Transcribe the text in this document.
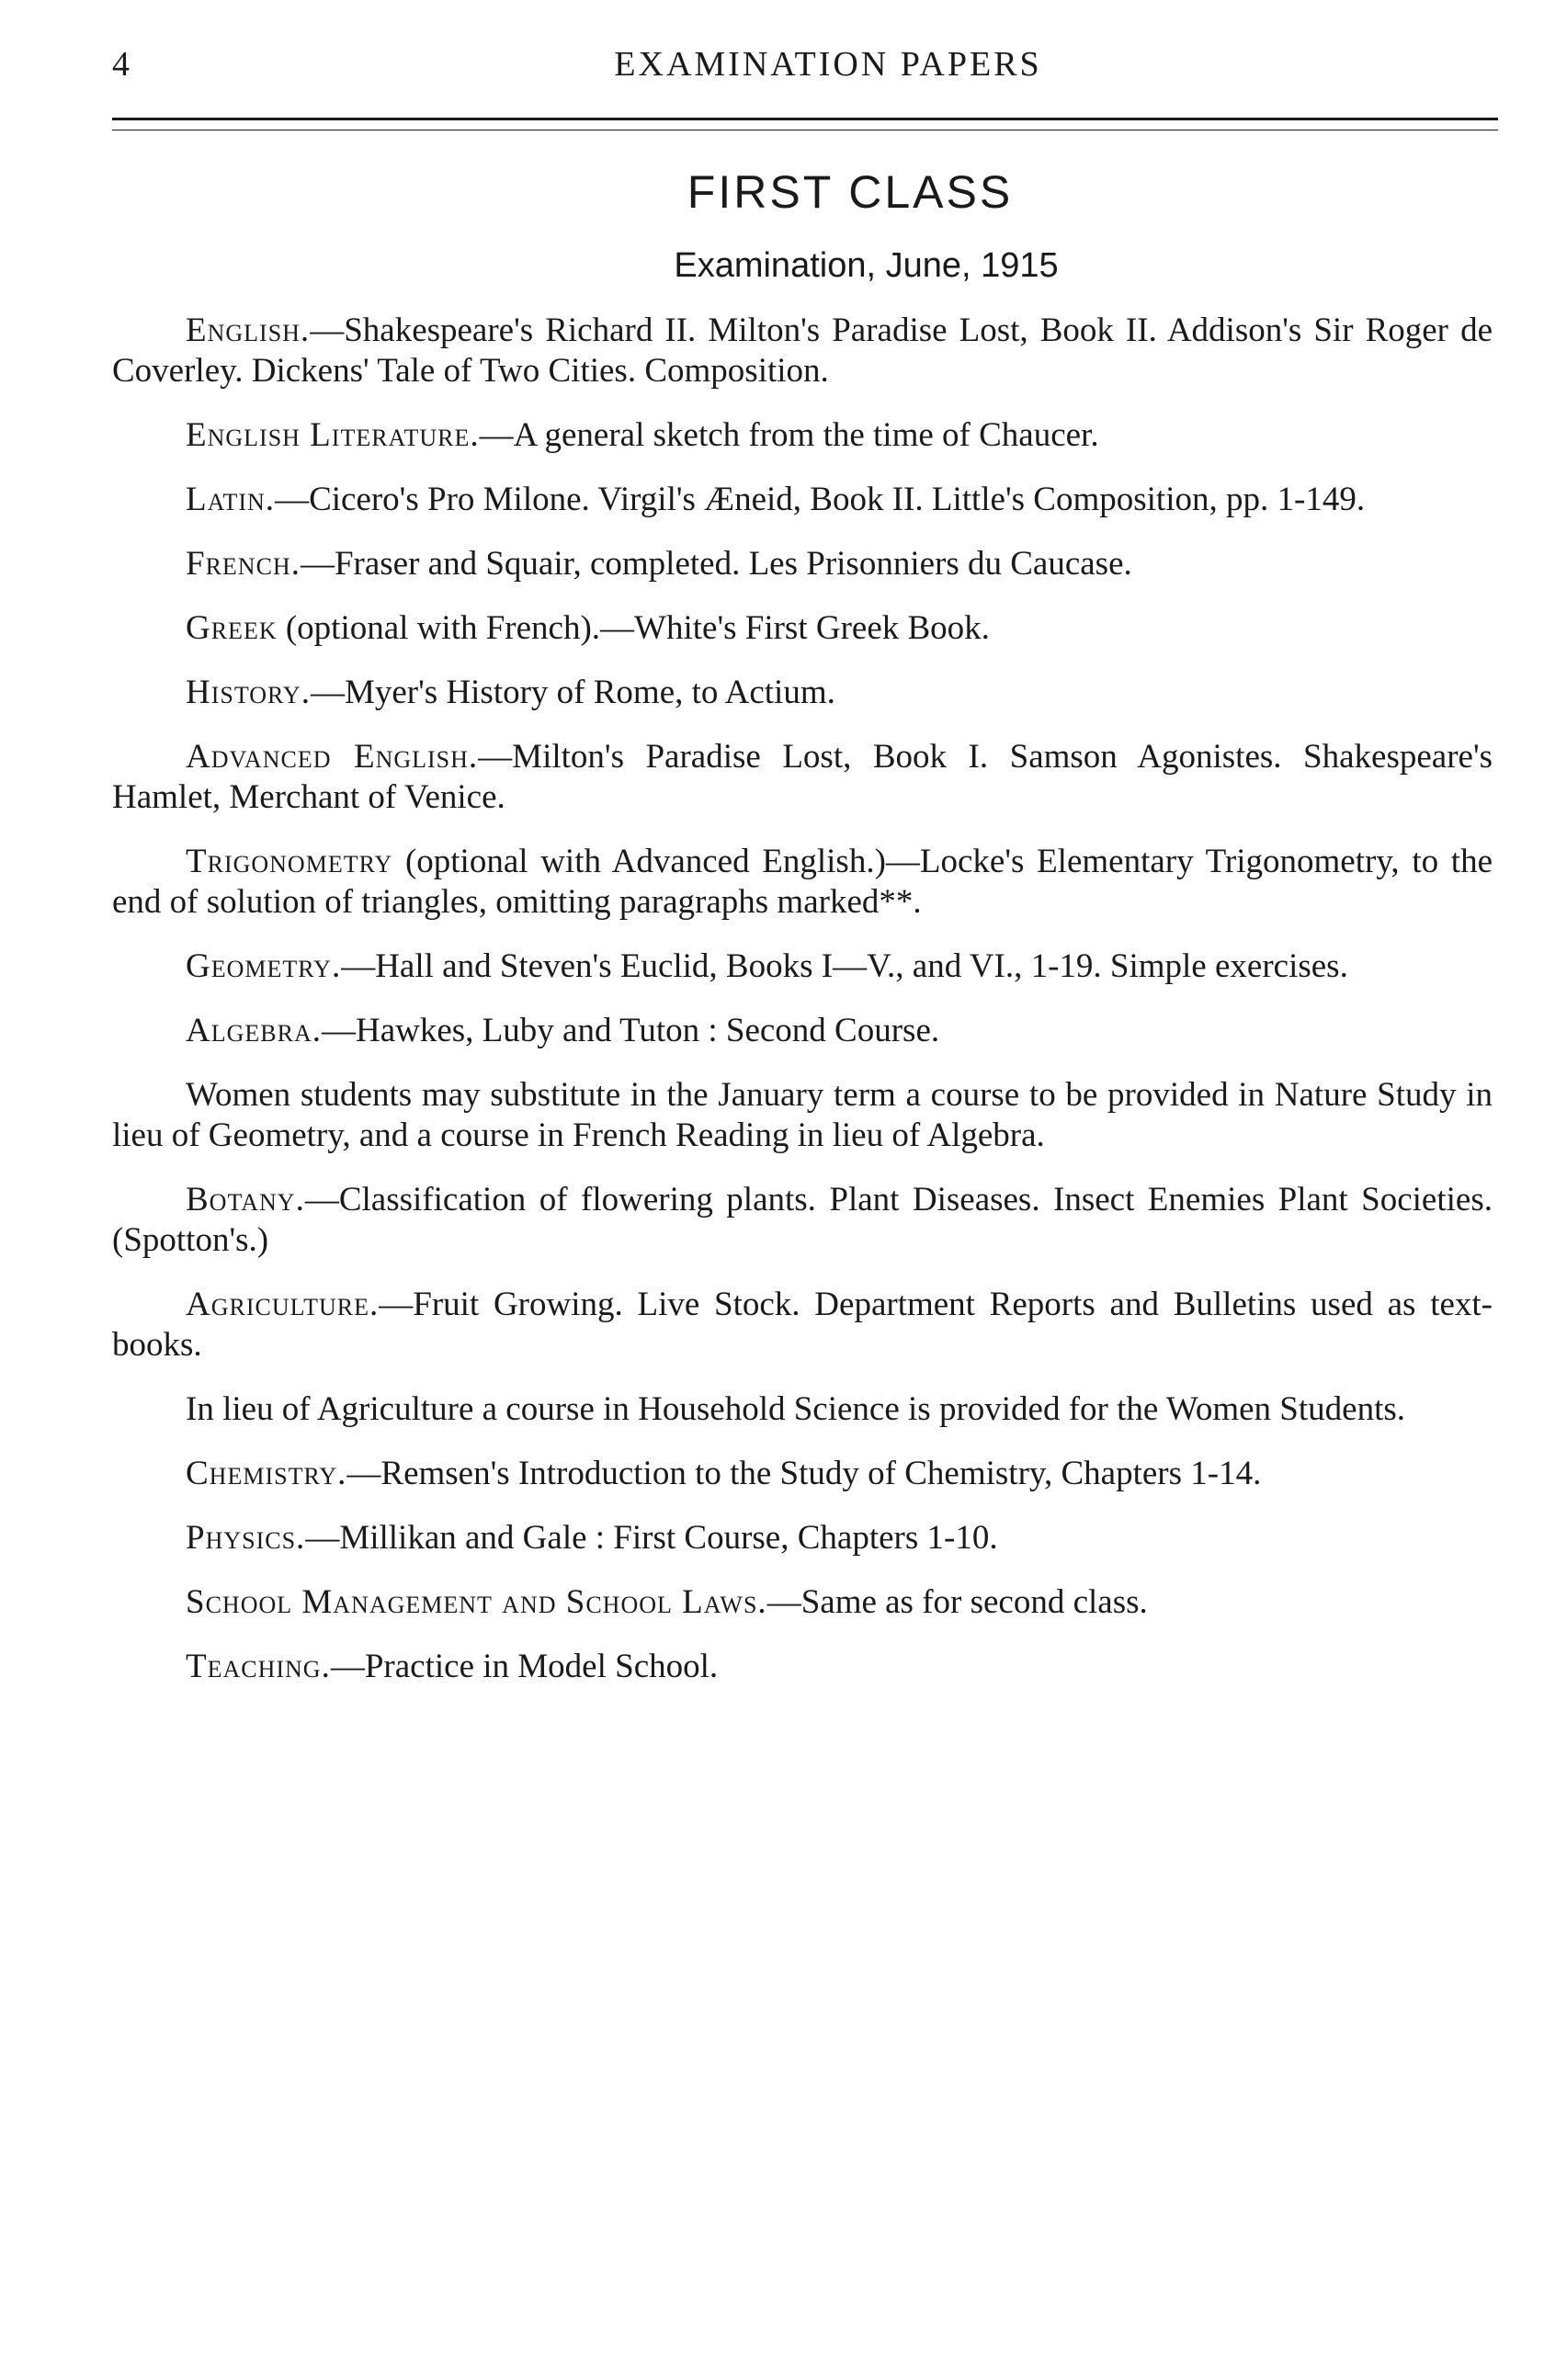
4	EXAMINATION PAPERS
FIRST CLASS
Examination, June, 1915

English.—Shakespeare's Richard II. Milton's Paradise Lost, Book II. Addison's Sir Roger de Coverley. Dickens' Tale of Two Cities. Composition.

English Literature.—A general sketch from the time of Chaucer.

Latin.—Cicero's Pro Milone. Virgil's Æneid, Book II. Little's Composition, pp. 1-149.

French.—Fraser and Squair, completed. Les Prisonniers du Caucase.

Greek (optional with French).—White's First Greek Book.

History.—Myer's History of Rome, to Actium.

Advanced English.—Milton's Paradise Lost, Book I. Samson Agonistes. Shakespeare's Hamlet, Merchant of Venice.

Trigonometry (optional with Advanced English.)—Locke's Elementary Trigonometry, to the end of solution of triangles, omitting paragraphs marked**.

Geometry.—Hall and Steven's Euclid, Books I—V., and VI., 1-19. Simple exercises.

Algebra.—Hawkes, Luby and Tuton : Second Course.

Women students may substitute in the January term a course to be provided in Nature Study in lieu of Geometry, and a course in French Reading in lieu of Algebra.

Botany.—Classification of flowering plants. Plant Diseases. Insect Enemies Plant Societies. (Spotton's.)

Agriculture.—Fruit Growing. Live Stock. Department Reports and Bulletins used as text-books.

In lieu of Agriculture a course in Household Science is provided for the Women Students.

Chemistry.—Remsen's Introduction to the Study of Chemistry, Chapters 1-14.

Physics.—Millikan and Gale : First Course, Chapters 1-10.

School Management and School Laws.—Same as for second class.

Teaching.—Practice in Model School.
